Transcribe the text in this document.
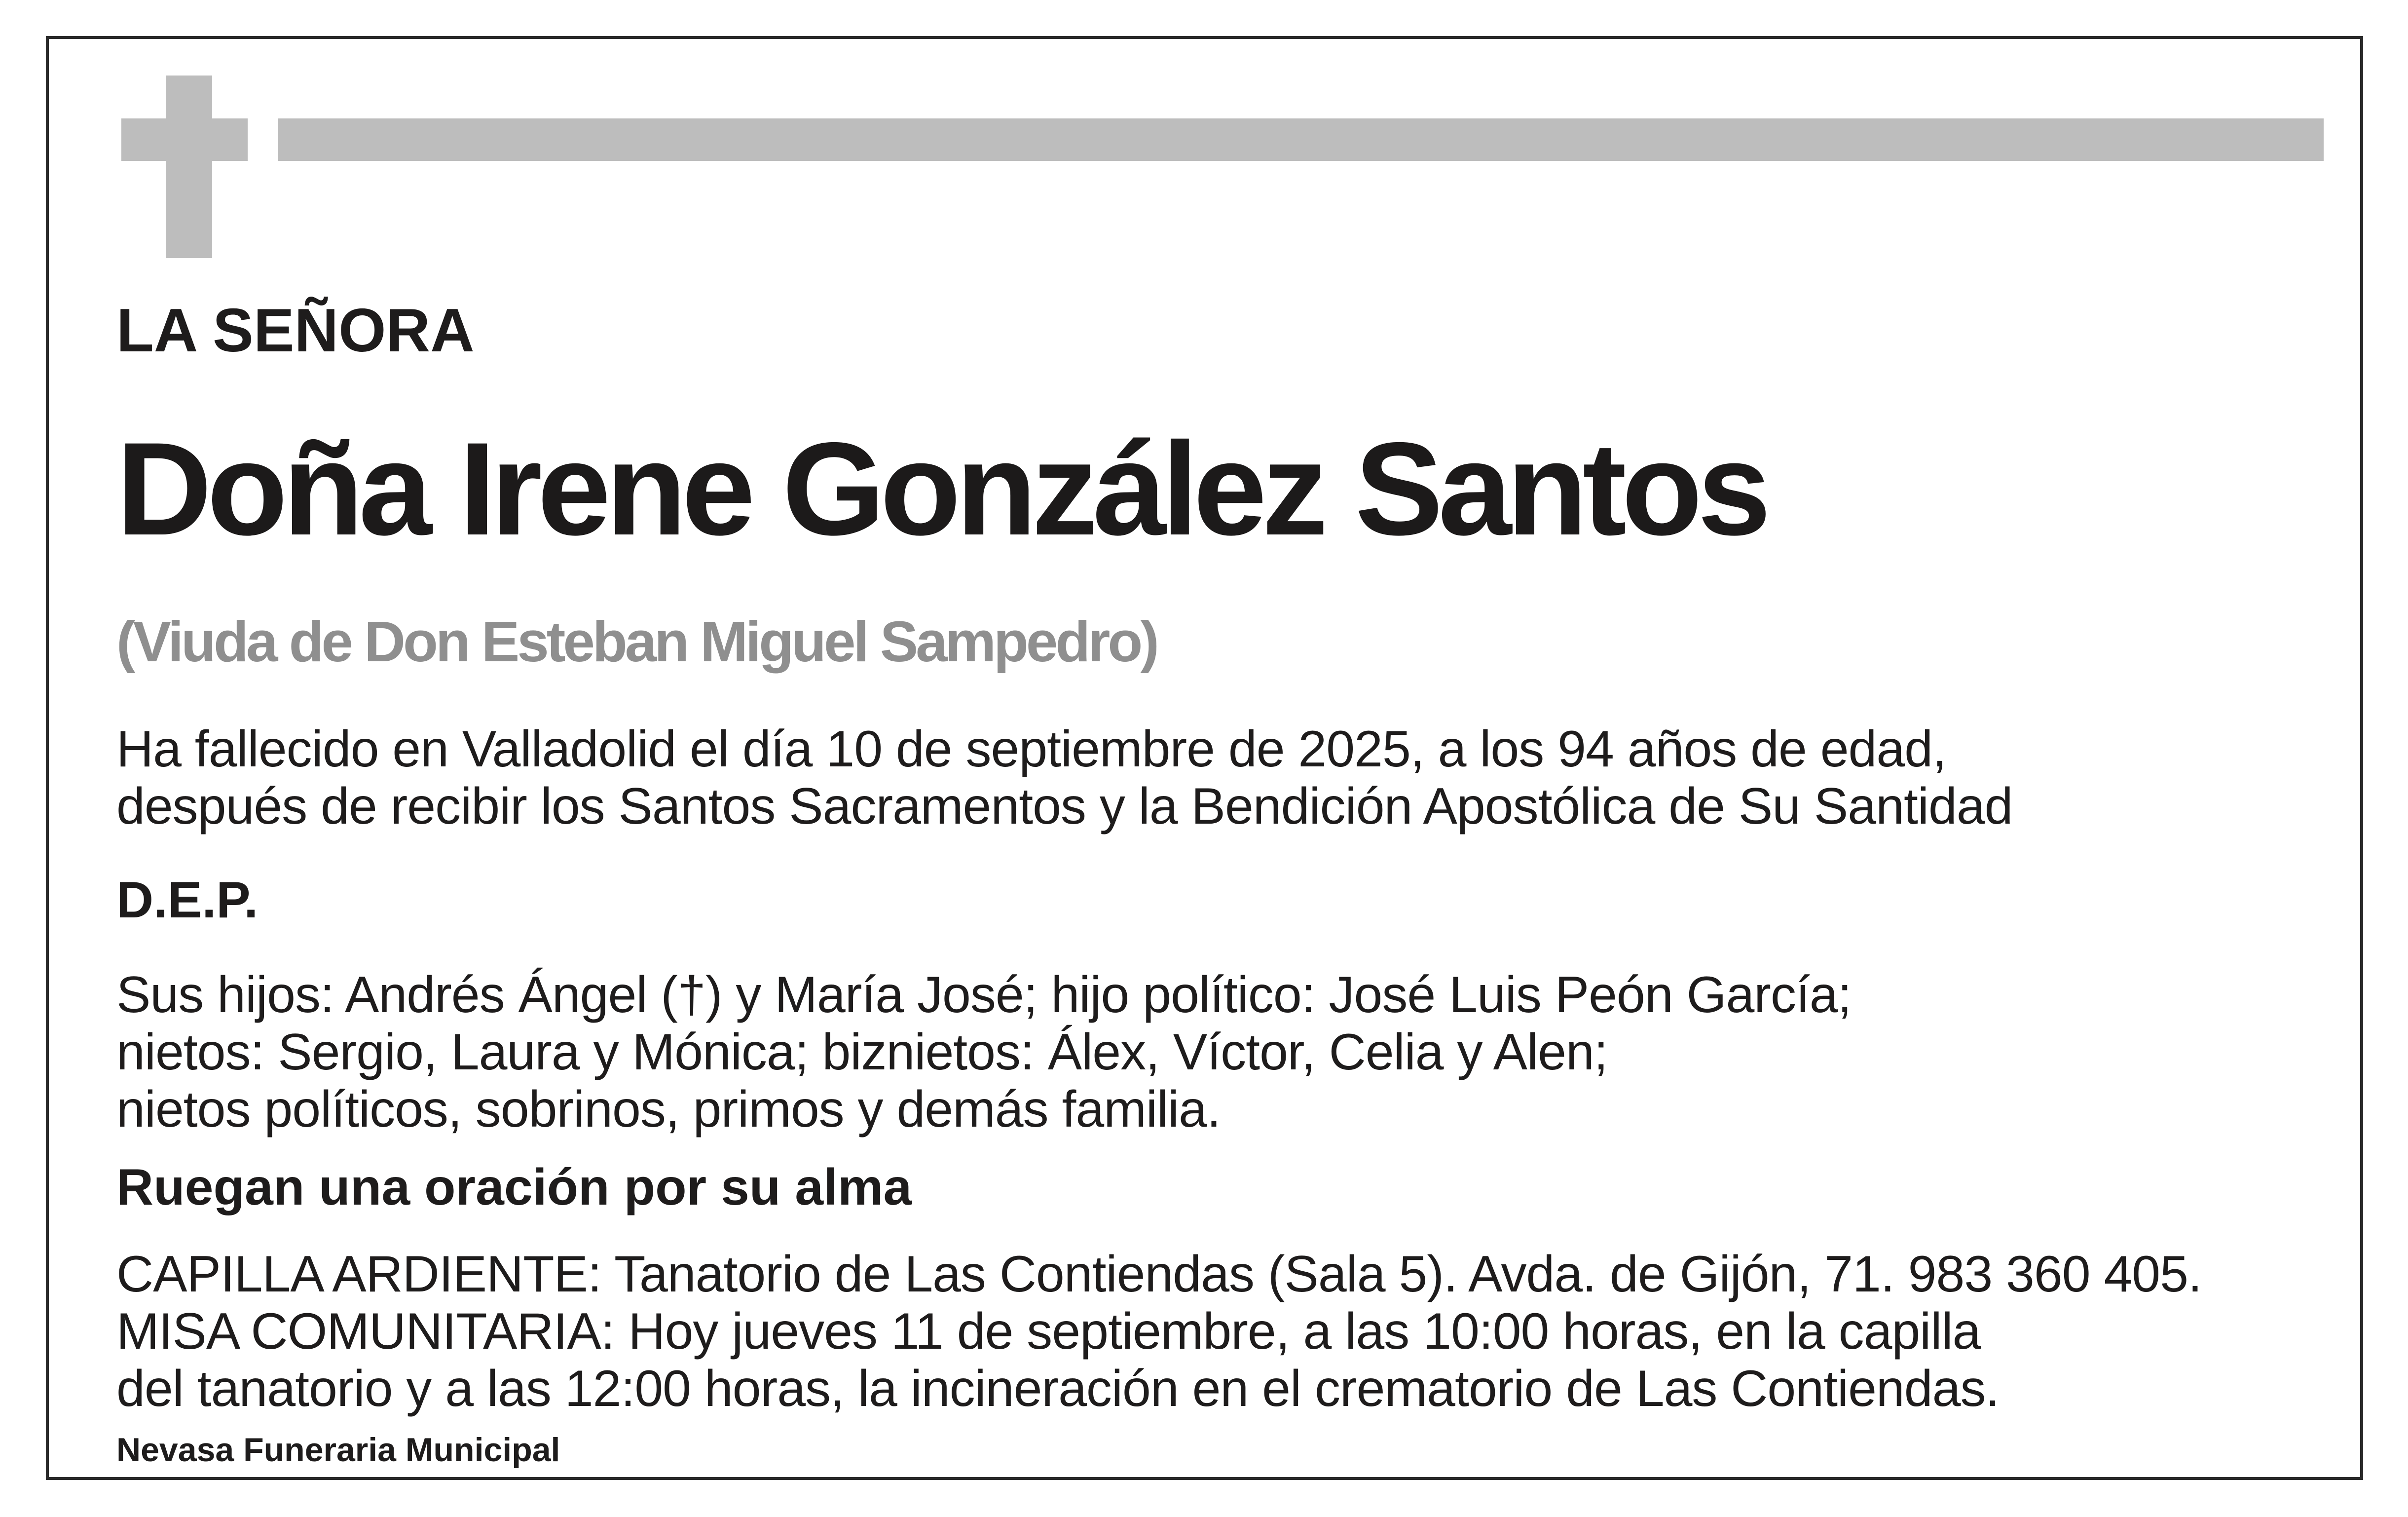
LA SEÑORA

Doña Irene González Santos

(Viuda de Don Esteban Miguel Sampedro)

Ha fallecido en Valladolid el día 10 de septiembre de 2025, a los 94 años de edad,
después de recibir los Santos Sacramentos y la Bendición Apostólica de Su Santidad

D.E.P.

Sus hijos: Andrés Ángel (†) y María José; hijo político: José Luis Peón García;
nietos: Sergio, Laura y Mónica; biznietos: Álex, Víctor, Celia y Alen;
nietos políticos, sobrinos, primos y demás familia.

Ruegan una oración por su alma

CAPILLA ARDIENTE: Tanatorio de Las Contiendas (Sala 5). Avda. de Gijón, 71. 983 360 405.
MISA COMUNITARIA: Hoy jueves 11 de septiembre, a las 10:00 horas, en la capilla
del tanatorio y a las 12:00 horas, la incineración en el crematorio de Las Contiendas.

Nevasa Funeraria Municipal
